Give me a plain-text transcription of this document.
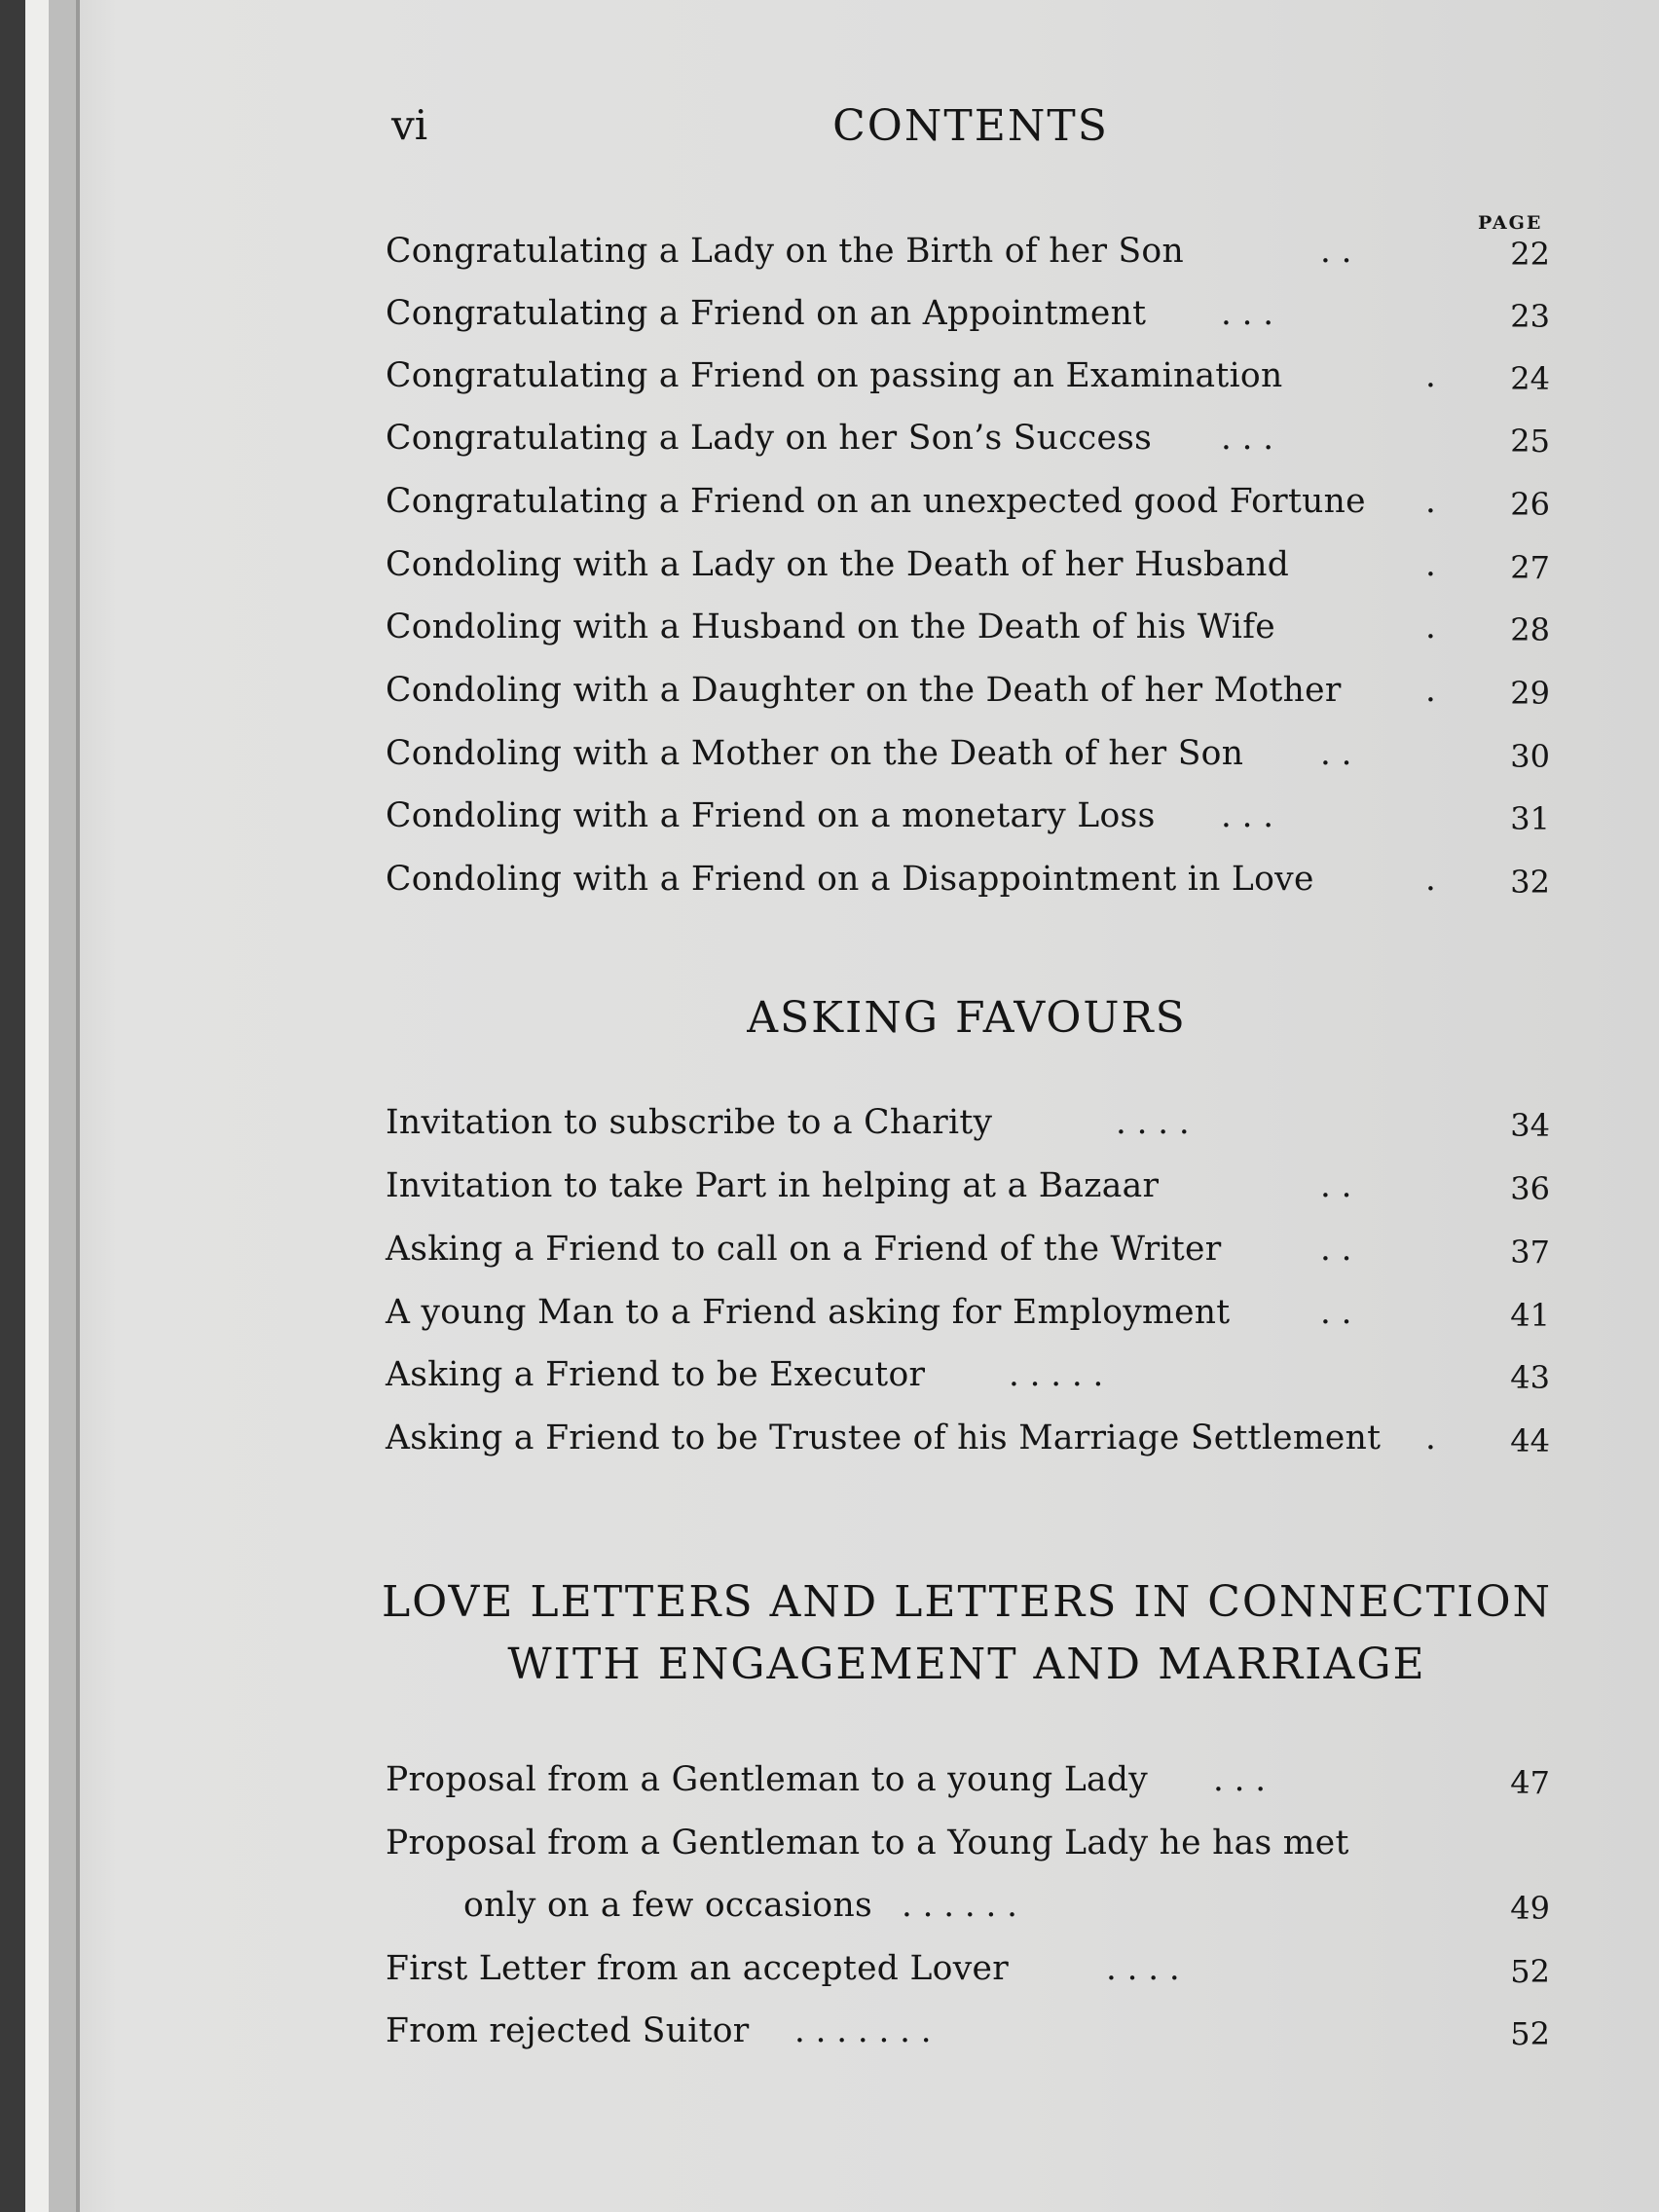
vi	CONTENTS
PAGE
Congratulating a Lady on the Birth of her Son	. .	22
Congratulating a Friend on an Appointment . . .	23
Congratulating a Friend on passing an Examination	.	24
Congratulating a Lady on her Son’s Success . . .	25
Congratulating a Friend on an unexpected good Fortune .	26
Condoling with a Lady on the Death of her Husband	.	27
Condoling with a Husband on the Death of his Wife	.	28
Condoling with a Daughter on the Death of her Mother	.	29
Condoling with a Mother on the Death of her Son . .	30
Condoling with a Friend on a monetary Loss . . .	31
Condoling with a Friend on a Disappointment in Love	.	32
ASKING FAVOURS
Invitation to subscribe to a Charity	. . . .	34
Invitation to take Part in helping at a Bazaar	. .	36
Asking a Friend to call on a Friend of the Writer	. .	37
A young Man to a Friend asking for Employment	. .	41
Asking a Friend to be Executor	. . . . .	43
Asking a Friend to be Trustee of his Marriage Settlement .	44
LOVE LETTERS AND LETTERS IN CONNECTION
WITH ENGAGEMENT AND MARRIAGE
Proposal from a Gentleman to a young Lady . . .	47
Proposal from a Gentleman to a Young Lady he has met
only on a few occasions . . . . . .	49
First Letter from an accepted Lover	. . . .	52
From rejected Suitor . . . . . . .	52
